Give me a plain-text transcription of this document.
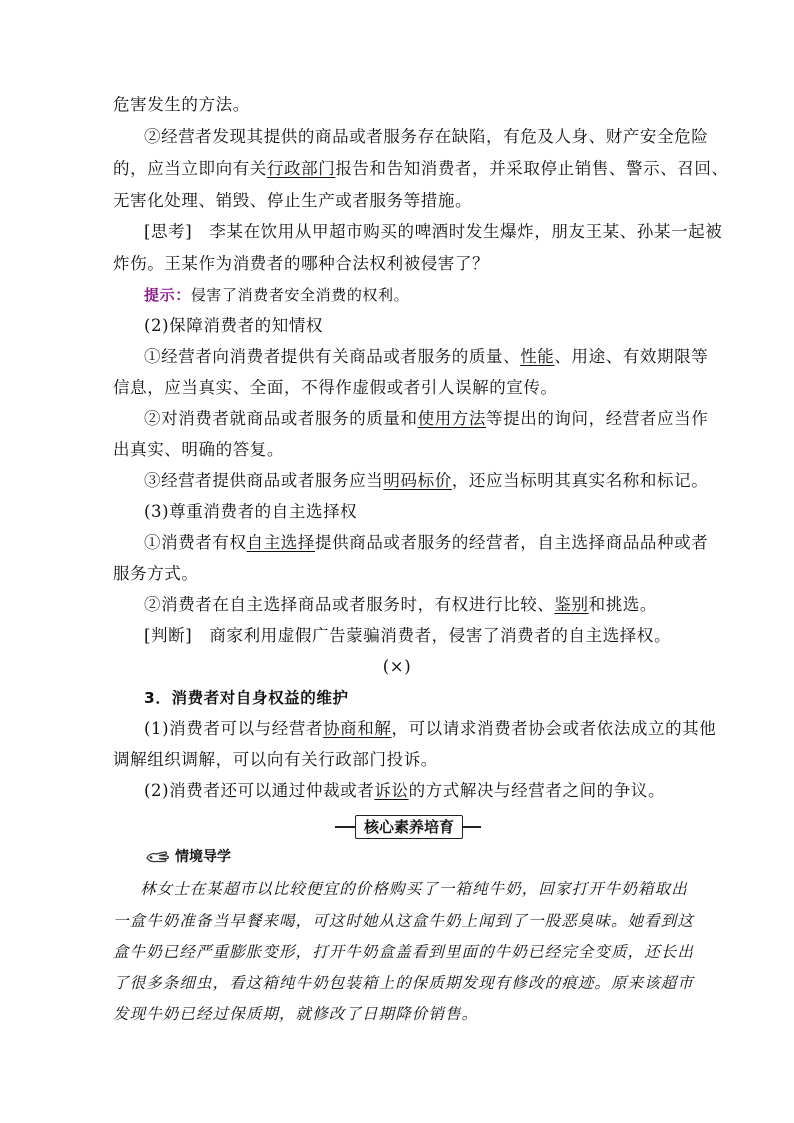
危害发生的方法。
②经营者发现其提供的商品或者服务存在缺陷，有危及人身、财产安全危险
的，应当立即向有关行政部门报告和告知消费者，并采取停止销售、警示、召回、
无害化处理、销毁、停止生产或者服务等措施。
[思考]　李某在饮用从甲超市购买的啤酒时发生爆炸，朋友王某、孙某一起被
炸伤。王某作为消费者的哪种合法权利被侵害了？
提示：侵害了消费者安全消费的权利。
(2)保障消费者的知情权
①经营者向消费者提供有关商品或者服务的质量、性能、用途、有效期限等
信息，应当真实、全面，不得作虚假或者引人误解的宣传。
②对消费者就商品或者服务的质量和使用方法等提出的询问，经营者应当作
出真实、明确的答复。
③经营者提供商品或者服务应当明码标价，还应当标明其真实名称和标记。
(3)尊重消费者的自主选择权
①消费者有权自主选择提供商品或者服务的经营者，自主选择商品品种或者
服务方式。
②消费者在自主选择商品或者服务时，有权进行比较、鉴别和挑选。
[判断]　商家利用虚假广告蒙骗消费者，侵害了消费者的自主选择权。
(×)
3．消费者对自身权益的维护
(1)消费者可以与经营者协商和解，可以请求消费者协会或者依法成立的其他
调解组织调解，可以向有关行政部门投诉。
(2)消费者还可以通过仲裁或者诉讼的方式解决与经营者之间的争议。
核心素养培育
情境导学
林女士在某超市以比较便宜的价格购买了一箱纯牛奶，回家打开牛奶箱取出
一盒牛奶准备当早餐来喝，可这时她从这盒牛奶上闻到了一股恶臭味。她看到这
盒牛奶已经严重膨胀变形，打开牛奶盒盖看到里面的牛奶已经完全变质，还长出
了很多条细虫，看这箱纯牛奶包装箱上的保质期发现有修改的痕迹。原来该超市
发现牛奶已经过保质期，就修改了日期降价销售。
